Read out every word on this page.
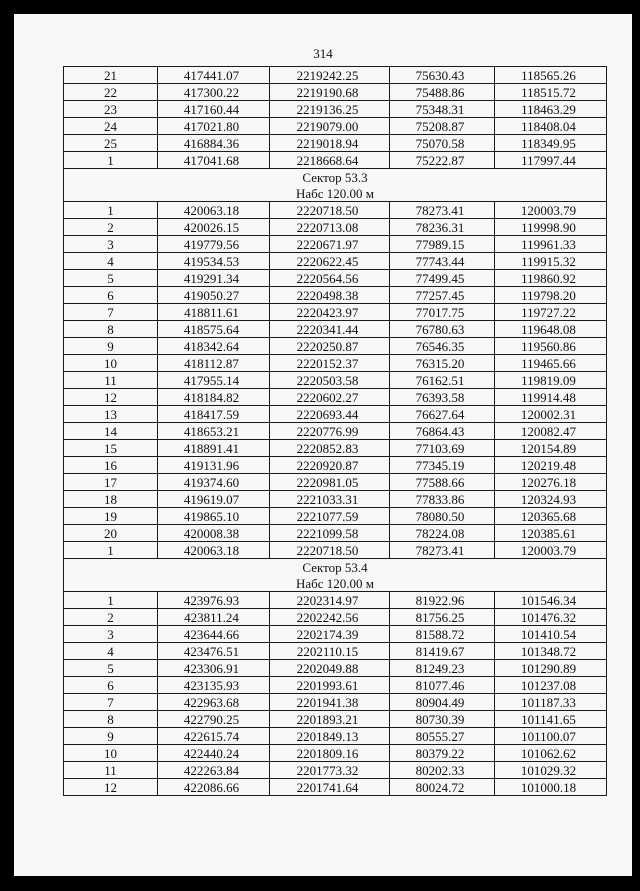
314
21	417441.07	2219242.25	75630.43	118565.26
22	417300.22	2219190.68	75488.86	118515.72
23	417160.44	2219136.25	75348.31	118463.29
24	417021.80	2219079.00	75208.87	118408.04
25	416884.36	2219018.94	75070.58	118349.95
1	417041.68	2218668.64	75222.87	117997.44
Сектор 53.3				
Набс 120.00 м				
1	420063.18	2220718.50	78273.41	120003.79
2	420026.15	2220713.08	78236.31	119998.90
3	419779.56	2220671.97	77989.15	119961.33
4	419534.53	2220622.45	77743.44	119915.32
5	419291.34	2220564.56	77499.45	119860.92
6	419050.27	2220498.38	77257.45	119798.20
7	418811.61	2220423.97	77017.75	119727.22
8	418575.64	2220341.44	76780.63	119648.08
9	418342.64	2220250.87	76546.35	119560.86
10	418112.87	2220152.37	76315.20	119465.66
11	417955.14	2220503.58	76162.51	119819.09
12	418184.82	2220602.27	76393.58	119914.48
13	418417.59	2220693.44	76627.64	120002.31
14	418653.21	2220776.99	76864.43	120082.47
15	418891.41	2220852.83	77103.69	120154.89
16	419131.96	2220920.87	77345.19	120219.48
17	419374.60	2220981.05	77588.66	120276.18
18	419619.07	2221033.31	77833.86	120324.93
19	419865.10	2221077.59	78080.50	120365.68
20	420008.38	2221099.58	78224.08	120385.61
1	420063.18	2220718.50	78273.41	120003.79
Сектор 53.4				
Набс 120.00 м				
1	423976.93	2202314.97	81922.96	101546.34
2	423811.24	2202242.56	81756.25	101476.32
3	423644.66	2202174.39	81588.72	101410.54
4	423476.51	2202110.15	81419.67	101348.72
5	423306.91	2202049.88	81249.23	101290.89
6	423135.93	2201993.61	81077.46	101237.08
7	422963.68	2201941.38	80904.49	101187.33
8	422790.25	2201893.21	80730.39	101141.65
9	422615.74	2201849.13	80555.27	101100.07
10	422440.24	2201809.16	80379.22	101062.62
11	422263.84	2201773.32	80202.33	101029.32
12	422086.66	2201741.64	80024.72	101000.18
